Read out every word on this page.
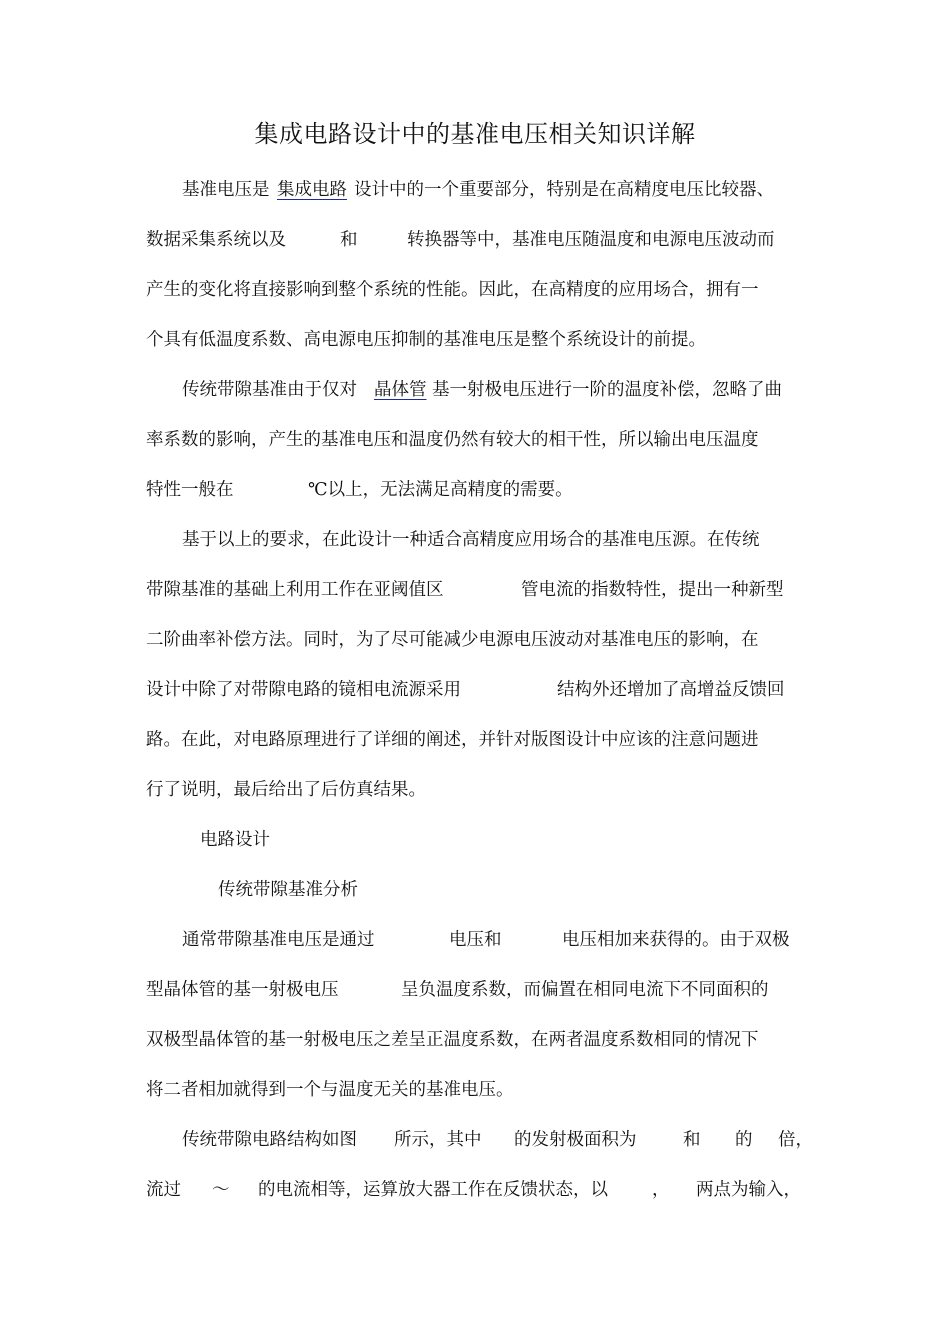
集成电路设计中的基准电压相关知识详解
基准电压是 集成电路 设计中的一个重要部分，特别是在高精度电压比较器、
数据采集系统以及	和	转换器等中，基准电压随温度和电源电压波动而
产生的变化将直接影响到整个系统的性能。因此，在高精度的应用场合，拥有一
个具有低温度系数、高电源电压抑制的基准电压是整个系统设计的前提。
传统带隙基准由于仅对 晶体管 基一射极电压进行一阶的温度补偿，忽略了曲
率系数的影响，产生的基准电压和温度仍然有较大的相干性，所以输出电压温度
特性一般在	℃以上，无法满足高精度的需要。
基于以上的要求，在此设计一种适合高精度应用场合的基准电压源。在传统
带隙基准的基础上利用工作在亚阈值区	管电流的指数特性，提出一种新型
二阶曲率补偿方法。同时，为了尽可能减少电源电压波动对基准电压的影响，在
设计中除了对带隙电路的镜相电流源采用	结构外还增加了高增益反馈回
路。在此，对电路原理进行了详细的阐述，并针对版图设计中应该的注意问题进
行了说明，最后给出了后仿真结果。
电路设计
传统带隙基准分析
通常带隙基准电压是通过	电压和	电压相加来获得的。由于双极
型晶体管的基一射极电压	呈负温度系数，而偏置在相同电流下不同面积的
双极型晶体管的基一射极电压之差呈正温度系数，在两者温度系数相同的情况下
将二者相加就得到一个与温度无关的基准电压。
传统带隙电路结构如图 所示，其中 的发射极面积为	和 的 倍，
流过 ～ 的电流相等，运算放大器工作在反馈状态，以	， 两点为输入，
